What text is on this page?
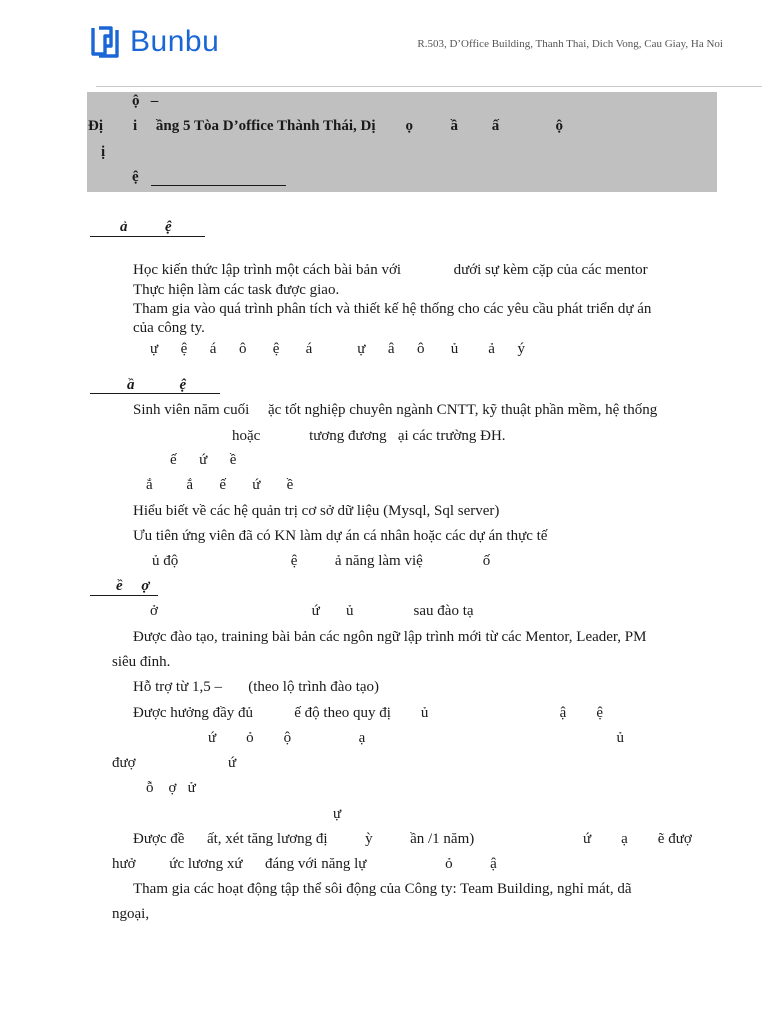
Bunbu	R.503, D’Office Building, Thanh Thai, Dich Vong, Cau Giay, Ha Noi
ộ   –
Đị i     ầng 5 Tòa D’office Thành Thái, Dị        ọ          ầ         ấ               ộ
ị
ệ
ả          ệ
Học kiến thức lập trình một cách bài bản với              dưới sự kèm cặp của các mentor
Thực hiện làm các task được giao.
Tham gia vào quá trình phân tích và thiết kế hệ thống cho các yêu cầu phát triển dự án
của công ty.
ự      ệ      á      ô       ệ       á            ự      â      ô       ủ        ả      ý
ầ            ệ
Sinh viên năm cuối     ặc tốt nghiệp chuyên ngành CNTT, kỹ thuật phần mềm, hệ thống
hoặc             tương đương   ại các trường ĐH.
ế      ứ      ề
ắ         ắ       ế       ứ       ề
Hiểu biết về các hệ quản trị cơ sở dữ liệu (Mysql, Sql server)
Ưu tiên ứng viên đã có KN làm dự án cá nhân hoặc các dự án thực tế
ủ độ                              ệ          ả năng làm việ                ố
ề     ợ
ở                                         ứ       ủ                sau đào tạ
Được đào tạo, training bài bản các ngôn ngữ lập trình mới từ các Mentor, Leader, PM
siêu đỉnh.
Hỗ trợ từ 1,5 –       (theo lộ trình đào tạo)
Được hưởng đầy đủ           ế độ theo quy đị        ủ                                   ậ        ệ
ứ        ỏ        ộ                  ạ                                                                   ủ
đượ	ứ
ỗ    ợ   ử
ự
Được đề      ất, xét tăng lương đị          ỳ          ần /1 năm)	ứ        ạ        ẽ đượ
hưở         ức lương xứ      đáng với năng lự                     ỏ          ậ
Tham gia các hoạt động tập thể sôi động của Công ty: Team Building, nghỉ mát, dã
ngoại,
